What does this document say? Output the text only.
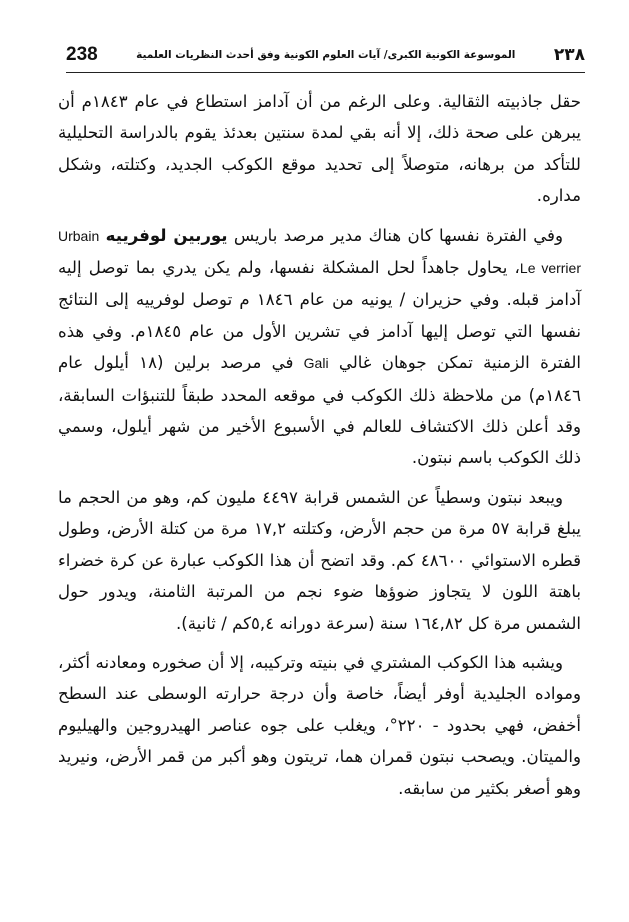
238	الموسوعة الكونية الكبرى/ آيات العلوم الكونية وفق أحدث النظريات العلمية ٢٣٨

حقل جاذبيته الثقالية. وعلى الرغم من أن آدامز استطاع في عام ١٨٤٣م أن يبرهن على صحة ذلك، إلا أنه بقي لمدة سنتين بعدئذ يقوم بالدراسة التحليلية للتأكد من برهانه، متوصلاً إلى تحديد موقع الكوكب الجديد، وكتلته، وشكل مداره.

وفي الفترة نفسها كان هناك مدير مرصد باريس يوربين لوفرييه Urbain Le verrier، يحاول جاهداً لحل المشكلة نفسها، ولم يكن يدري بما توصل إليه آدامز قبله. وفي حزيران / يونيه من عام ١٨٤٦ م توصل لوفرييه إلى النتائج نفسها التي توصل إليها آدامز في تشرين الأول من عام ١٨٤٥م. وفي هذه الفترة الزمنية تمكن جوهان غالي Gali في مرصد برلين (١٨ أيلول عام ١٨٤٦م) من ملاحظة ذلك الكوكب في موقعه المحدد طبقاً للتنبؤات السابقة، وقد أعلن ذلك الاكتشاف للعالم في الأسبوع الأخير من شهر أيلول، وسمي ذلك الكوكب باسم نبتون.

ويبعد نبتون وسطياً عن الشمس قرابة ٤٤٩٧ مليون كم، وهو من الحجم ما يبلغ قرابة ٥٧ مرة من حجم الأرض، وكتلته ١٧,٢ مرة من كتلة الأرض، وطول قطره الاستوائي ٤٨٦٠٠ كم. وقد اتضح أن هذا الكوكب عبارة عن كرة خضراء باهتة اللون لا يتجاوز ضوؤها ضوء نجم من المرتبة الثامنة، ويدور حول الشمس مرة كل ١٦٤,٨٢ سنة (سرعة دورانه ٥,٤كم / ثانية).

ويشبه هذا الكوكب المشتري في بنيته وتركيبه، إلا أن صخوره ومعادنه أكثر، ومواده الجليدية أوفر أيضاً، خاصة وأن درجة حرارته الوسطى عند السطح أخفض، فهي بحدود - ٢٢٠°، ويغلب على جوه عناصر الهيدروجين والهيليوم والميتان. ويصحب نبتون قمران هما، تريتون وهو أكبر من قمر الأرض، ونيريد وهو أصغر بكثير من سابقه.
